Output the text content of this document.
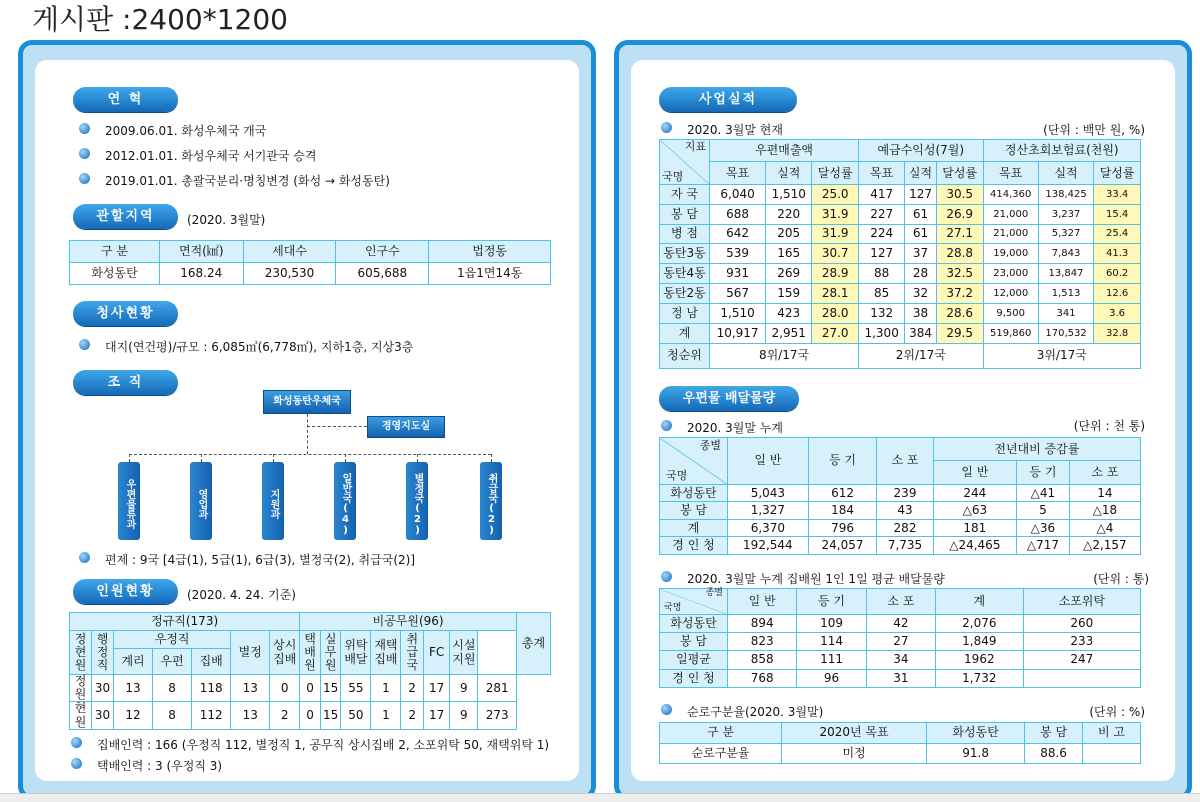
게시판 :2400*1200
연 혁
2009.06.01. 화성우체국 개국
2012.01.01. 화성우체국 서기관국 승격
2019.01.01. 총괄국분리·명칭변경 (화성 → 화성동탄)
관할지역	(2020. 3월말)
구 분	면적(㎢)	세대수	인구수	법정동
화성동탄	168.24	230,530	605,688	1읍1면14동
청사현황
대지(연건평)/규모 : 6,085㎡(6,778㎡), 지하1층, 지상3층
조 직
화성동탄우체국
경영지도실
우편물류과	영업과	지원과	일반국(4)	별정국(2)	취급국(2)
편제 : 9국 [4급(1), 5급(1), 6급(3), 별정국(2), 취급국(2)]
인원현황	(2020. 4. 24. 기준)
정규직(173)							비공무원(96)								총계
정현원	행정직	우정직			별정	상시집배	택배원	실무원	위탁배달	재택집배	취급국	FC	시설지원		
		계리	우편	집배											
정원	30	13	8	118	13	0	0	15	55	1	2	17	9	281	
현원	30	12	8	112	13	2	0	15	50	1	2	17	9	273	
집배인력 : 166 (우정직 112, 별정직 1, 공무직 상시집배 2, 소포위탁 50, 재택위탁 1)
택배인력 : 3 (우정직 3)
사업실적
2020. 3월말 현재	(단위 : 백만 원, %)
지표
국명	우편매출액			예금수익성(7월)			정산초회보험료(천원)		
	목표	실적	달성률	목표	실적	달성률	목표	실적	달성률
자 국	6,040	1,510	25.0	417	127	30.5	414,360	138,425	33.4
봉 담	688	220	31.9	227	61	26.9	21,000	3,237	15.4
병 점	642	205	31.9	224	61	27.1	21,000	5,327	25.4
동탄3동	539	165	30.7	127	37	28.8	19,000	7,843	41.3
동탄4동	931	269	28.9	88	28	32.5	23,000	13,847	60.2
동탄2동	567	159	28.1	85	32	37.2	12,000	1,513	12.6
정 남	1,510	423	28.0	132	38	28.6	9,500	341	3.6
계	10,917	2,951	27.0	1,300	384	29.5	519,860	170,532	32.8
청순위	8위/17국			2위/17국			3위/17국		
우편물 배달물량
2020. 3월말 누계	(단위 : 천 통)
종별
국명	일 반	등 기	소 포	전년대비 증감률		
				일 반	등 기	소 포
화성동탄	5,043	612	239	244	△41	14
봉 담	1,327	184	43	△63	5	△18
계	6,370	796	282	181	△36	△4
경 인 청	192,544	24,057	7,735	△24,465	△717	△2,157
2020. 3월말 누계 집배원 1인 1일 평균 배달물량	(단위 : 통)
종별
국명	일 반	등 기	소 포	계	소포위탁
화성동탄	894	109	42	2,076	260
봉 담	823	114	27	1,849	233
일평균	858	111	34	1962	247
경 인 청	768	96	31	1,732	
순로구분율(2020. 3월말)	(단위 : %)
구 분	2020년 목표	화성동탄	봉 담	비 고
순로구분율	미정	91.8	88.6	
